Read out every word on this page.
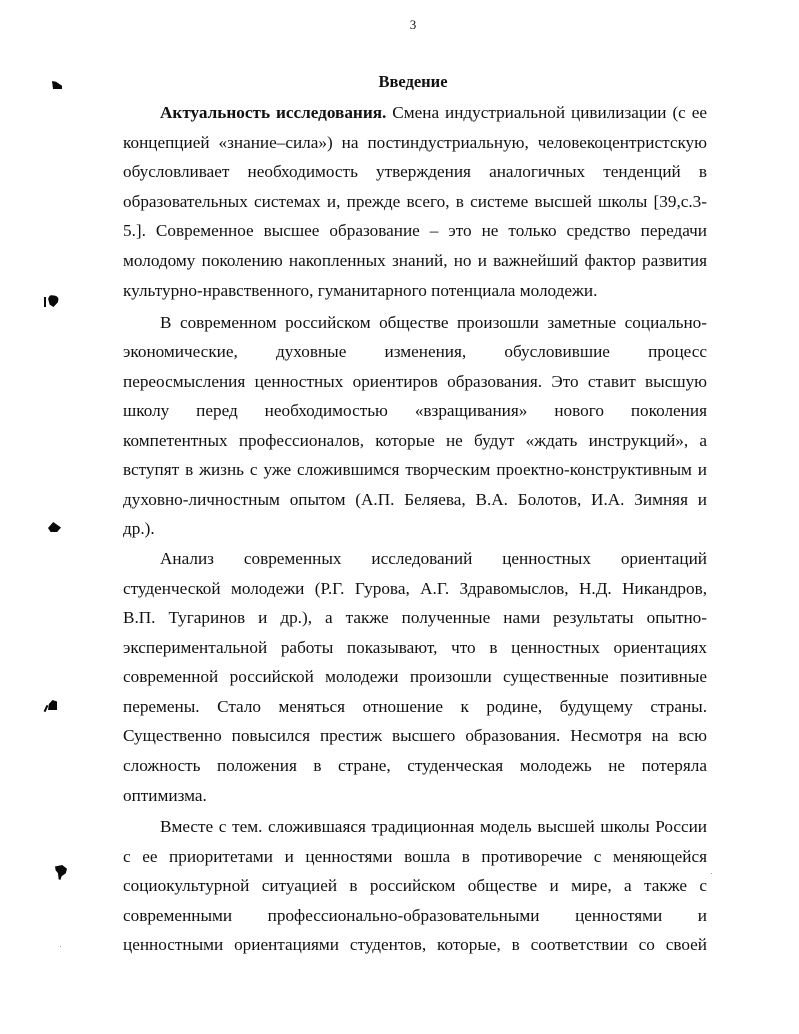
3
Введение
Актуальность исследования. Смена индустриальной цивилизации (с ее
концепцией «знание–сила») на постиндустриальную, человекоцентристскую
обусловливает необходимость утверждения аналогичных тенденций в
образовательных системах и, прежде всего, в системе высшей школы [39,с.3-
5.]. Современное высшее образование – это не только средство передачи
молодому поколению накопленных знаний, но и важнейший фактор развития
культурно-нравственного, гуманитарного потенциала молодежи.
В современном российском обществе произошли заметные социально-
экономические, духовные изменения, обусловившие процесс
переосмысления ценностных ориентиров образования. Это ставит высшую
школу перед необходимостью «взращивания» нового поколения
компетентных профессионалов, которые не будут «ждать инструкций», а
вступят в жизнь с уже сложившимся творческим проектно-конструктивным и
духовно-личностным опытом (А.П. Беляева, В.А. Болотов, И.А. Зимняя и
др.).
Анализ современных исследований ценностных ориентаций
студенческой молодежи (Р.Г. Гурова, А.Г. Здравомыслов, Н.Д. Никандров,
В.П. Тугаринов и др.), а также полученные нами результаты опытно-
экспериментальной работы показывают, что в ценностных ориентациях
современной российской молодежи произошли существенные позитивные
перемены. Стало меняться отношение к родине, будущему страны.
Существенно повысился престиж высшего образования. Несмотря на всю
сложность положения в стране, студенческая молодежь не потеряла
оптимизма.
Вместе с тем. сложившаяся традиционная модель высшей школы России
с ее приоритетами и ценностями вошла в противоречие с меняющейся
социокультурной ситуацией в российском обществе и мире, а также с
современными профессионально-образовательными ценностями и
ценностными ориентациями студентов, которые, в соответствии со своей
